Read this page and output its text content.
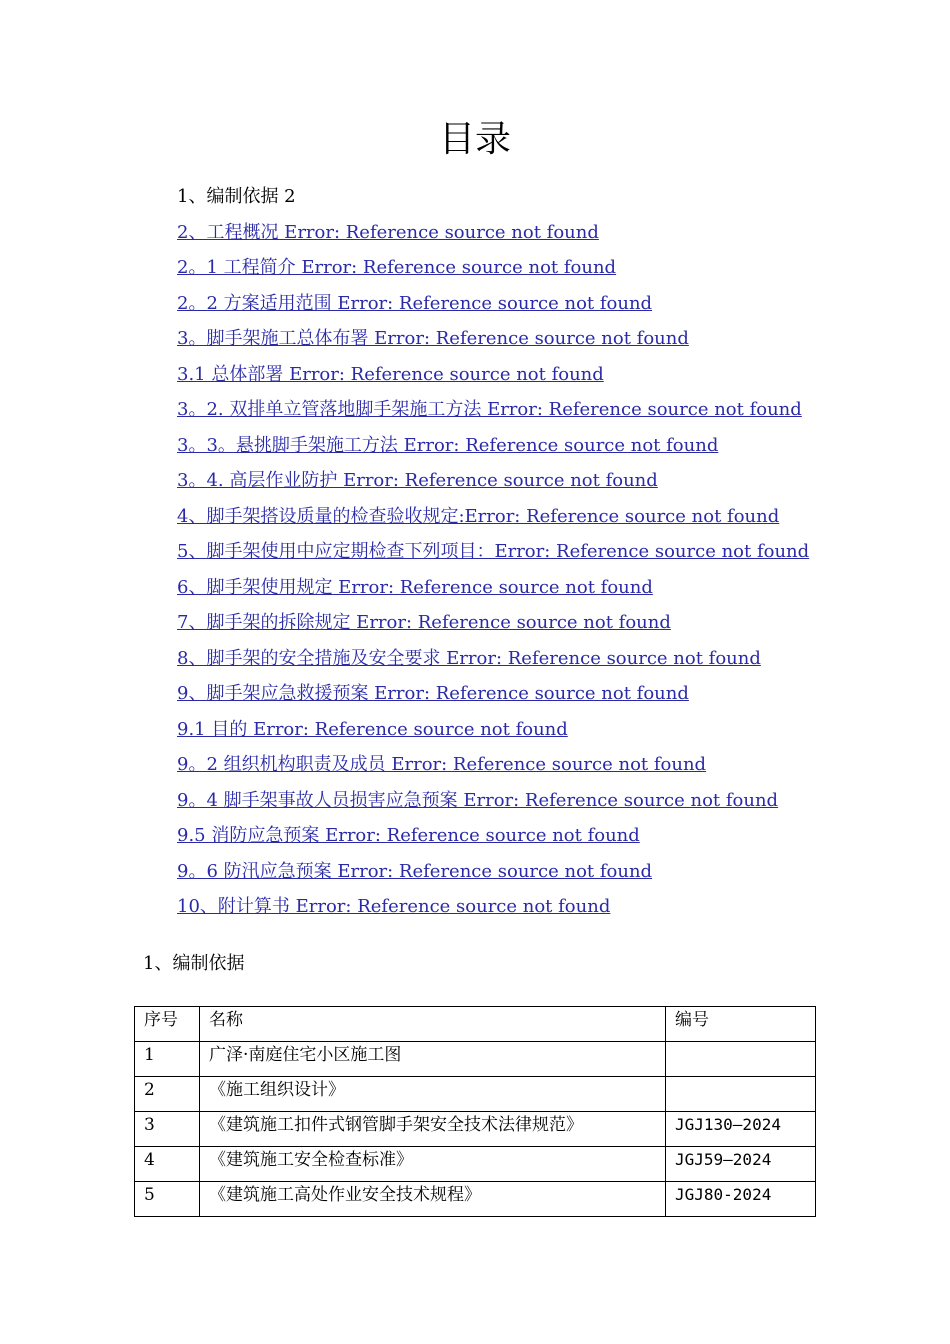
目录
1、编制依据 2
2、工程概况 Error: Reference source not found
2。1 工程简介 Error: Reference source not found
2。2 方案适用范围 Error: Reference source not found
3。脚手架施工总体布署 Error: Reference source not found
3.1 总体部署 Error: Reference source not found
3。2. 双排单立管落地脚手架施工方法 Error: Reference source not found
3。3。悬挑脚手架施工方法 Error: Reference source not found
3。4. 高层作业防护 Error: Reference source not found
4、脚手架搭设质量的检查验收规定:Error: Reference source not found
5、脚手架使用中应定期检查下列项目：Error: Reference source not found
6、脚手架使用规定 Error: Reference source not found
7、脚手架的拆除规定 Error: Reference source not found
8、脚手架的安全措施及安全要求 Error: Reference source not found
9、脚手架应急救援预案 Error: Reference source not found
9.1 目的 Error: Reference source not found
9。2 组织机构职责及成员 Error: Reference source not found
9。4 脚手架事故人员损害应急预案 Error: Reference source not found
9.5 消防应急预案 Error: Reference source not found
9。6 防汛应急预案 Error: Reference source not found
10、附计算书 Error: Reference source not found
1、编制依据
序号	名称	编号
1	广泽·南庭住宅小区施工图	
2	《施工组织设计》	
3	《建筑施工扣件式钢管脚手架安全技术法律规范》	JGJ130—2024
4	《建筑施工安全检查标准》	JGJ59—2024
5	《建筑施工高处作业安全技术规程》	JGJ80-2024
